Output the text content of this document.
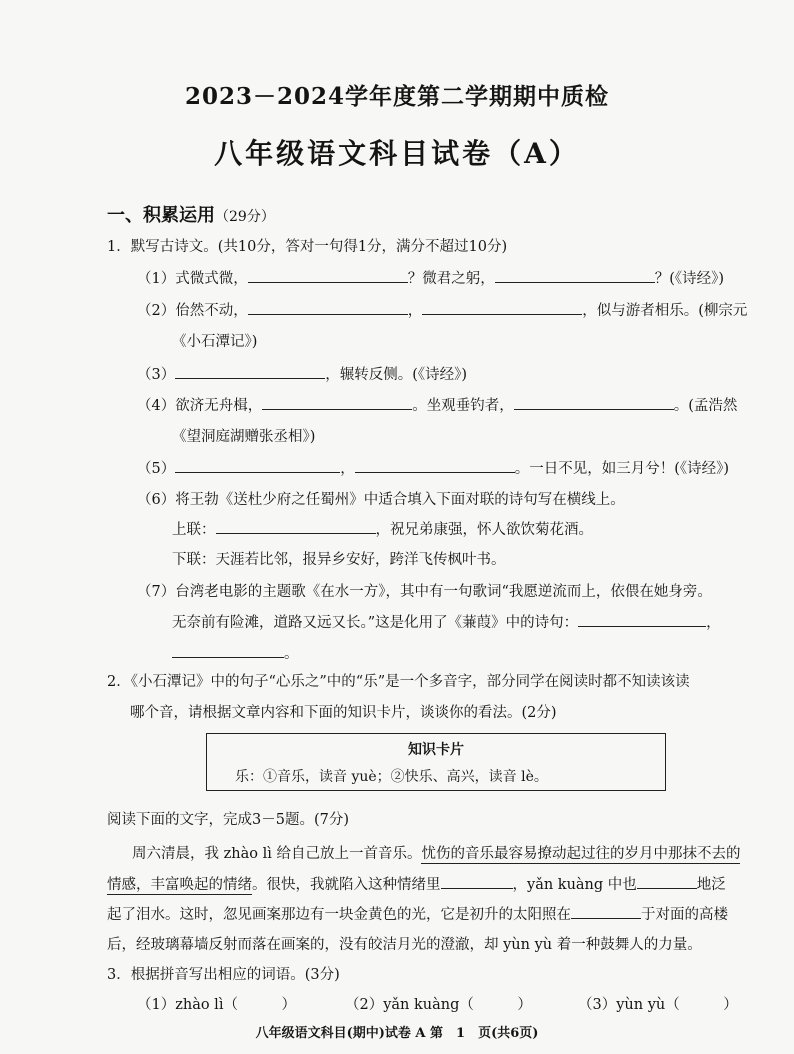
2023－2024学年度第二学期期中质检
八年级语文科目试卷（A）
一、积累运用（29分）
1．默写古诗文。(共10分，答对一句得1分，满分不超过10分)
（1）式微式微，	？微君之躬，	？(《诗经》)
（2）佁然不动，	，	，似与游者相乐。(柳宗元
《小石潭记》)
（3）	，辗转反侧。(《诗经》)
（4）欲济无舟楫，	。坐观垂钓者，	。(孟浩然
《望洞庭湖赠张丞相》)
（5）	，	。一日不见，如三月兮！(《诗经》)
（6）将王勃《送杜少府之任蜀州》中适合填入下面对联的诗句写在横线上。
上联：	，祝兄弟康强，怀人欲饮菊花酒。
下联：天涯若比邻，报异乡安好，跨洋飞传枫叶书。
（7）台湾老电影的主题歌《在水一方》，其中有一句歌词“我愿逆流而上，依偎在她身旁。
无奈前有险滩，道路又远又长。”这是化用了《蒹葭》中的诗句：	，
。
2．《小石潭记》中的句子“心乐之”中的“乐”是一个多音字，部分同学在阅读时都不知读该读
哪个音，请根据文章内容和下面的知识卡片，谈谈你的看法。(2分)
知识卡片
乐：①音乐，读音 yuè；②快乐、高兴，读音 lè。
阅读下面的文字，完成3－5题。(7分)
周六清晨，我 zhào lì 给自己放上一首音乐。忧伤的音乐最容易撩动起过往的岁月中那抹不去的
情感，丰富唤起的情绪。很快，我就陷入这种情绪里	，yǎn kuàng 中也	地泛
起了泪水。这时，忽见画案那边有一块金黄色的光，它是初升的太阳照在	于对面的高楼
后，经玻璃幕墙反射而落在画案的，没有皎洁月光的澄澈，却 yùn yù 着一种鼓舞人的力量。
3．根据拼音写出相应的词语。(3分)
（1）zhào lì（　　　）	（2）yǎn kuàng（　　　）	（3）yùn yù（　　　）
八年级语文科目(期中)试卷 A 第　1　页(共6页)
